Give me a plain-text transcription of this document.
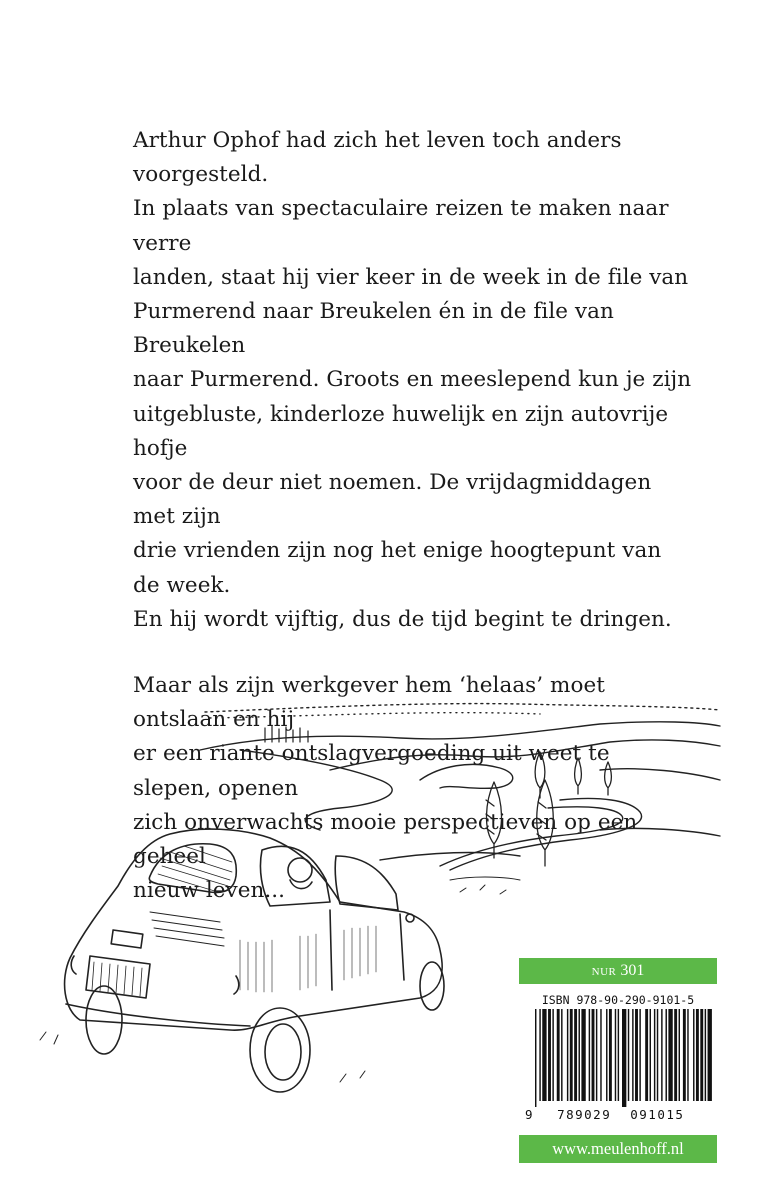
Arthur Ophof had zich het leven toch anders voorgesteld.
In plaats van spectaculaire reizen te maken naar verre
landen, staat hij vier keer in de week in de file van
Purmerend naar Breukelen én in de file van Breukelen
naar Purmerend. Groots en meeslepend kun je zijn
uitgebluste, kinderloze huwelijk en zijn autovrije hofje
voor de deur niet noemen. De vrijdagmiddagen met zijn
drie vrienden zijn nog het enige hoogtepunt van de week.
En hij wordt vijftig, dus de tijd begint te dringen.

Maar als zijn werkgever hem ‘helaas’ moet ontslaan en hij
er een riante ontslagvergoeding uit weet te slepen, openen
zich onverwachts mooie perspectieven op een geheel
nieuw leven...

NUR 301
ISBN 978-90-290-9101-5
9 789029 091015
www.meulenhoff.nl
